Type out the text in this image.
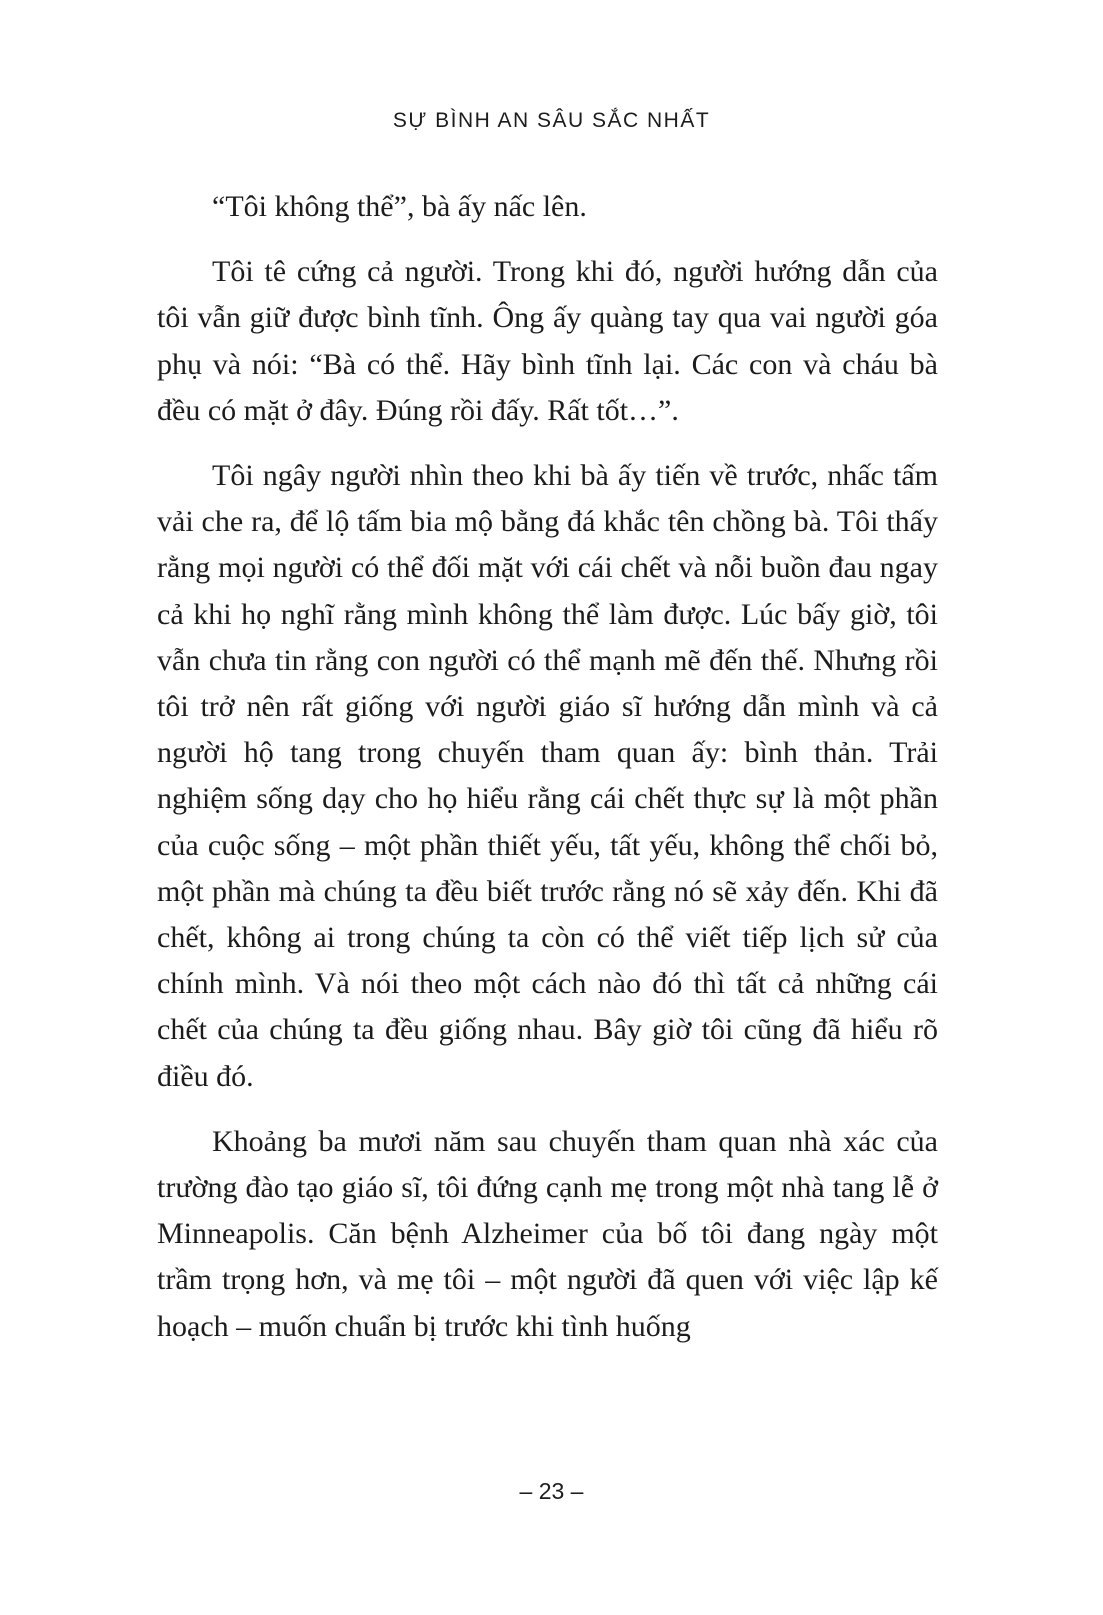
SỰ BÌNH AN SÂU SẮC NHẤT

“Tôi không thể”, bà ấy nấc lên.

Tôi tê cứng cả người. Trong khi đó, người hướng dẫn của tôi vẫn giữ được bình tĩnh. Ông ấy quàng tay qua vai người góa phụ và nói: “Bà có thể. Hãy bình tĩnh lại. Các con và cháu bà đều có mặt ở đây. Đúng rồi đấy. Rất tốt…”.

Tôi ngây người nhìn theo khi bà ấy tiến về trước, nhấc tấm vải che ra, để lộ tấm bia mộ bằng đá khắc tên chồng bà. Tôi thấy rằng mọi người có thể đối mặt với cái chết và nỗi buồn đau ngay cả khi họ nghĩ rằng mình không thể làm được. Lúc bấy giờ, tôi vẫn chưa tin rằng con người có thể mạnh mẽ đến thế. Nhưng rồi tôi trở nên rất giống với người giáo sĩ hướng dẫn mình và cả người hộ tang trong chuyến tham quan ấy: bình thản. Trải nghiệm sống dạy cho họ hiểu rằng cái chết thực sự là một phần của cuộc sống – một phần thiết yếu, tất yếu, không thể chối bỏ, một phần mà chúng ta đều biết trước rằng nó sẽ xảy đến. Khi đã chết, không ai trong chúng ta còn có thể viết tiếp lịch sử của chính mình. Và nói theo một cách nào đó thì tất cả những cái chết của chúng ta đều giống nhau. Bây giờ tôi cũng đã hiểu rõ điều đó.

Khoảng ba mươi năm sau chuyến tham quan nhà xác của trường đào tạo giáo sĩ, tôi đứng cạnh mẹ trong một nhà tang lễ ở Minneapolis. Căn bệnh Alzheimer của bố tôi đang ngày một trầm trọng hơn, và mẹ tôi – một người đã quen với việc lập kế hoạch – muốn chuẩn bị trước khi tình huống

– 23 –
